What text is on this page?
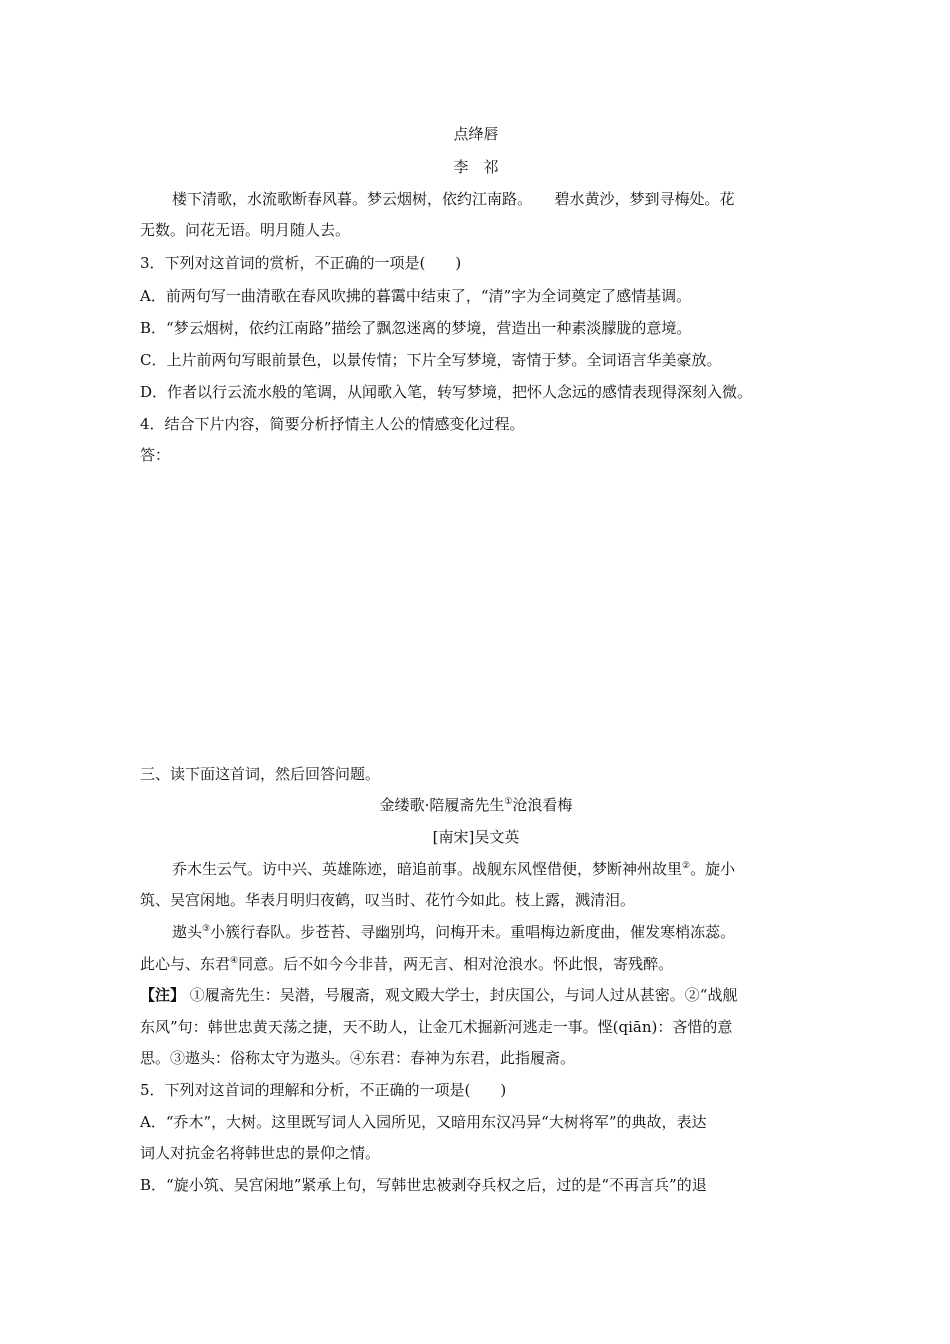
点绛唇
李　祁
楼下清歌，水流歌断春风暮。梦云烟树，依约江南路。　　碧水黄沙，梦到寻梅处。花
无数。问花无语。明月随人去。
3．下列对这首词的赏析，不正确的一项是(　　)
A．前两句写一曲清歌在春风吹拂的暮霭中结束了，“清”字为全词奠定了感情基调。
B．“梦云烟树，依约江南路”描绘了飘忽迷离的梦境，营造出一种素淡朦胧的意境。
C．上片前两句写眼前景色，以景传情；下片全写梦境，寄情于梦。全词语言华美豪放。
D．作者以行云流水般的笔调，从闻歌入笔，转写梦境，把怀人念远的感情表现得深刻入微。
4．结合下片内容，简要分析抒情主人公的情感变化过程。
答：
三、读下面这首词，然后回答问题。
金缕歌·陪履斋先生①沧浪看梅
[南宋]吴文英
乔木生云气。访中兴、英雄陈迹，暗追前事。战舰东风悭借便，梦断神州故里②。旋小
筑、吴宫闲地。华表月明归夜鹤，叹当时、花竹今如此。枝上露，溅清泪。
遨头③小簇行春队。步苍苔、寻幽别坞，问梅开未。重唱梅边新度曲，催发寒梢冻蕊。
此心与、东君④同意。后不如今今非昔，两无言、相对沧浪水。怀此恨，寄残醉。
【注】 ①履斋先生：吴潜，号履斋，观文殿大学士，封庆国公，与词人过从甚密。②“战舰
东风”句：韩世忠黄天荡之捷，天不助人，让金兀术掘新河逃走一事。悭(qiān)：吝惜的意
思。③遨头：俗称太守为遨头。④东君：春神为东君，此指履斋。
5．下列对这首词的理解和分析，不正确的一项是(　　)
A．“乔木”，大树。这里既写词人入园所见，又暗用东汉冯异“大树将军”的典故，表达
词人对抗金名将韩世忠的景仰之情。
B．“旋小筑、吴宫闲地”紧承上句，写韩世忠被剥夺兵权之后，过的是“不再言兵”的退
